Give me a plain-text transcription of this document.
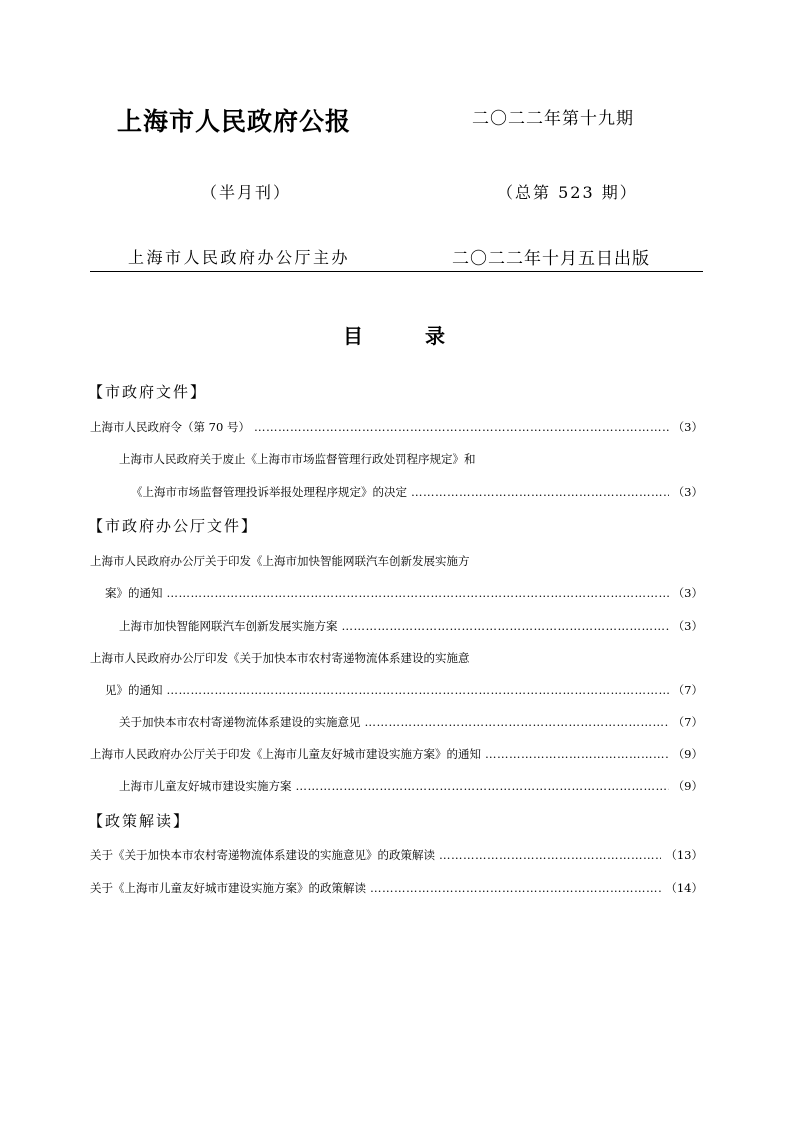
上海市人民政府公报	二〇二二年第十九期
（半月刊）	（总第 523 期）
上海市人民政府办公厅主办	二〇二二年十月五日出版
目	录
【市政府文件】
上海市人民政府令（第 70 号） ……………………………………………………………………………………………………………………………………………………………………………………	（3）
上海市人民政府关于废止《上海市市场监督管理行政处罚程序规定》和
《上海市市场监督管理投诉举报处理程序规定》的决定 ……………………………………………………………………………………………………………………………………………………………………………………	（3）
【市政府办公厅文件】
上海市人民政府办公厅关于印发《上海市加快智能网联汽车创新发展实施方
案》的通知 ……………………………………………………………………………………………………………………………………………………………………………………	（3）
上海市加快智能网联汽车创新发展实施方案 ……………………………………………………………………………………………………………………………………………………………………………………	（3）
上海市人民政府办公厅印发《关于加快本市农村寄递物流体系建设的实施意
见》的通知 ……………………………………………………………………………………………………………………………………………………………………………………	（7）
关于加快本市农村寄递物流体系建设的实施意见 ……………………………………………………………………………………………………………………………………………………………………………………	（7）
上海市人民政府办公厅关于印发《上海市儿童友好城市建设实施方案》的通知 ……………………………………………………………………………………………………………………………………………………………………………………	（9）
上海市儿童友好城市建设实施方案 ……………………………………………………………………………………………………………………………………………………………………………………	（9）
【政策解读】
关于《关于加快本市农村寄递物流体系建设的实施意见》的政策解读 ……………………………………………………………………………………………………………………………………………………………………………………	（13）
关于《上海市儿童友好城市建设实施方案》的政策解读 ……………………………………………………………………………………………………………………………………………………………………………………	（14）
